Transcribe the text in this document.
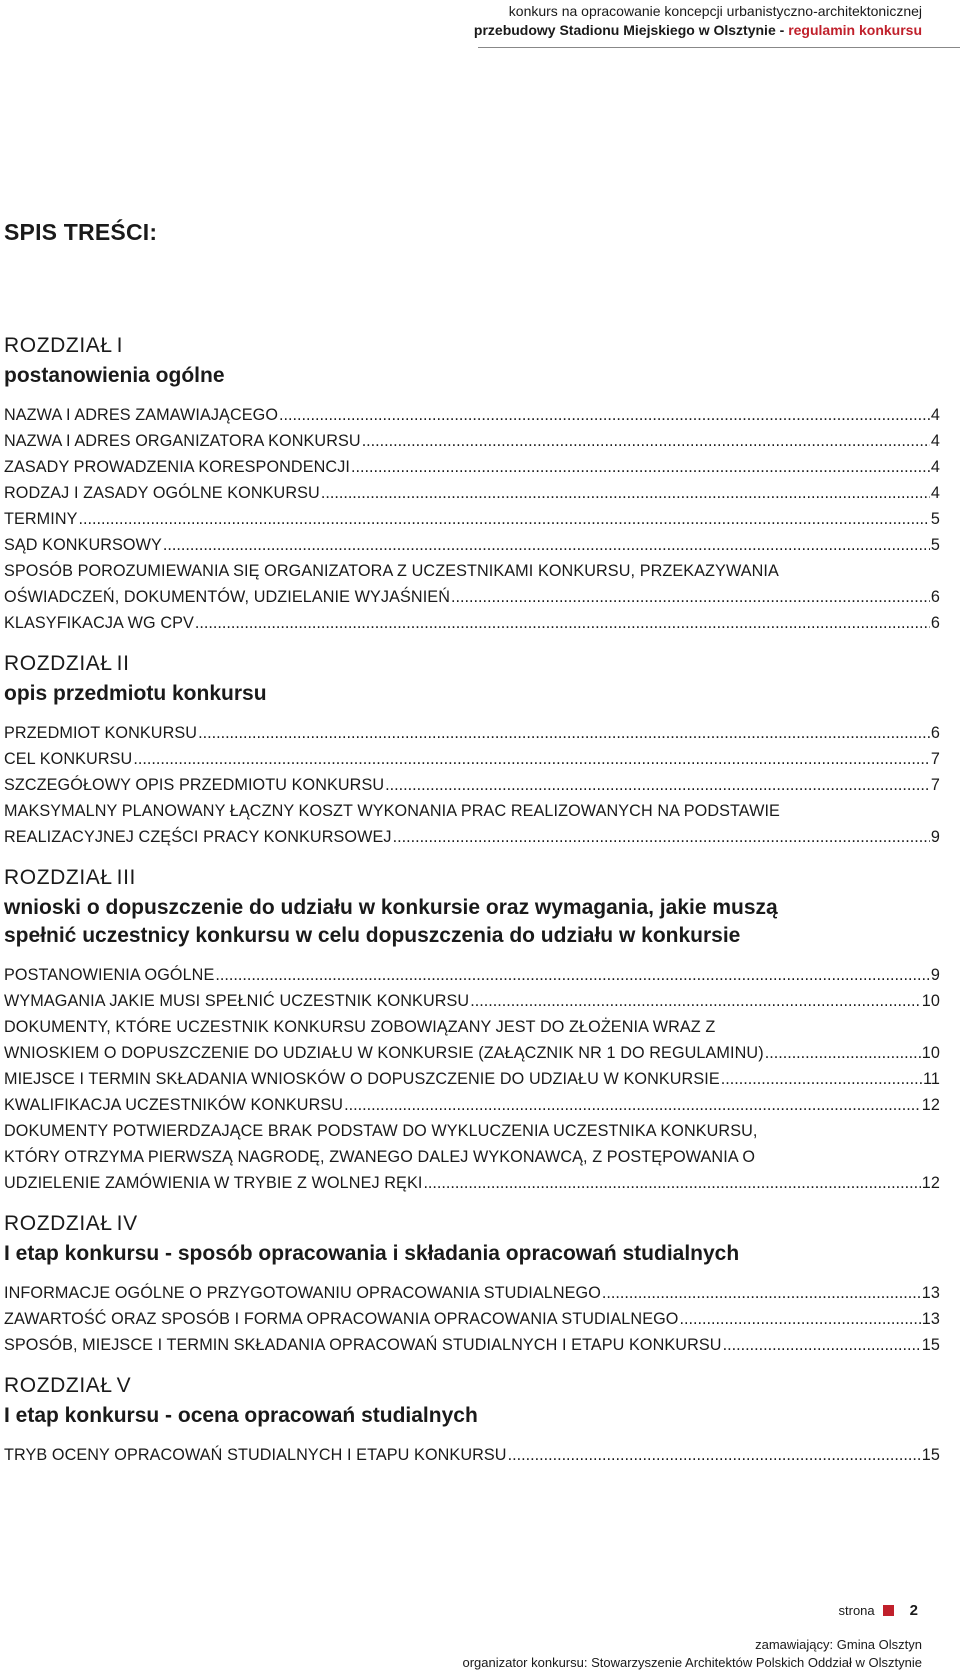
konkurs na opracowanie koncepcji urbanistyczno-architektonicznej
przebudowy Stadionu Miejskiego w Olsztynie - regulamin konkursu
SPIS TREŚCI:
ROZDZIAŁ I
postanowienia ogólne
NAZWA I ADRES ZAMAWIAJĄCEGO .....	4
NAZWA I ADRES ORGANIZATORA KONKURSU .....	4
ZASADY PROWADZENIA KORESPONDENCJI .....	4
RODZAJ I ZASADY OGÓLNE KONKURSU .....	4
TERMINY .....	5
SĄD KONKURSOWY .....	5
SPOSÓB POROZUMIEWANIA SIĘ ORGANIZATORA Z UCZESTNIKAMI KONKURSU, PRZEKAZYWANIA
OŚWIADCZEŃ, DOKUMENTÓW, UDZIELANIE WYJAŚNIEŃ .....	6
KLASYFIKACJA WG CPV .....	6
ROZDZIAŁ II
opis przedmiotu konkursu
PRZEDMIOT KONKURSU .....	6
CEL KONKURSU .....	7
SZCZEGÓŁOWY OPIS PRZEDMIOTU KONKURSU .....	7
MAKSYMALNY PLANOWANY ŁĄCZNY KOSZT WYKONANIA PRAC REALIZOWANYCH NA PODSTAWIE
REALIZACYJNEJ CZĘŚCI PRACY KONKURSOWEJ .....	9
ROZDZIAŁ III
wnioski o dopuszczenie do udziału w konkursie oraz wymagania, jakie muszą
spełnić uczestnicy konkursu w celu dopuszczenia do udziału w konkursie
POSTANOWIENIA OGÓLNE .....	9
WYMAGANIA JAKIE MUSI SPEŁNIĆ UCZESTNIK KONKURSU .....	10
DOKUMENTY, KTÓRE UCZESTNIK KONKURSU ZOBOWIĄZANY JEST DO ZŁOŻENIA WRAZ Z
WNIOSKIEM O DOPUSZCZENIE DO UDZIAŁU W KONKURSIE (ZAŁĄCZNIK NR 1 DO REGULAMINU) .....	10
MIEJSCE I TERMIN SKŁADANIA WNIOSKÓW O DOPUSZCZENIE DO UDZIAŁU W KONKURSIE .....	11
KWALIFIKACJA UCZESTNIKÓW KONKURSU .....	12
DOKUMENTY POTWIERDZAJĄCE BRAK PODSTAW DO WYKLUCZENIA UCZESTNIKA KONKURSU,
KTÓRY OTRZYMA PIERWSZĄ NAGRODĘ, ZWANEGO DALEJ WYKONAWCĄ, Z POSTĘPOWANIA O
UDZIELENIE ZAMÓWIENIA W TRYBIE Z WOLNEJ RĘKI .....	12
ROZDZIAŁ IV
I etap konkursu - sposób opracowania i składania opracowań studialnych
INFORMACJE OGÓLNE O PRZYGOTOWANIU OPRACOWANIA STUDIALNEGO .....	13
ZAWARTOŚĆ ORAZ SPOSÓB I FORMA OPRACOWANIA OPRACOWANIA STUDIALNEGO .....	13
SPOSÓB, MIEJSCE I TERMIN SKŁADANIA OPRACOWAŃ STUDIALNYCH I ETAPU KONKURSU .....	15
ROZDZIAŁ V
I etap konkursu - ocena opracowań studialnych
TRYB OCENY OPRACOWAŃ STUDIALNYCH I ETAPU KONKURSU .....	15
strona 2
zamawiający: Gmina Olsztyn
organizator konkursu: Stowarzyszenie Architektów Polskich Oddział w Olsztynie
